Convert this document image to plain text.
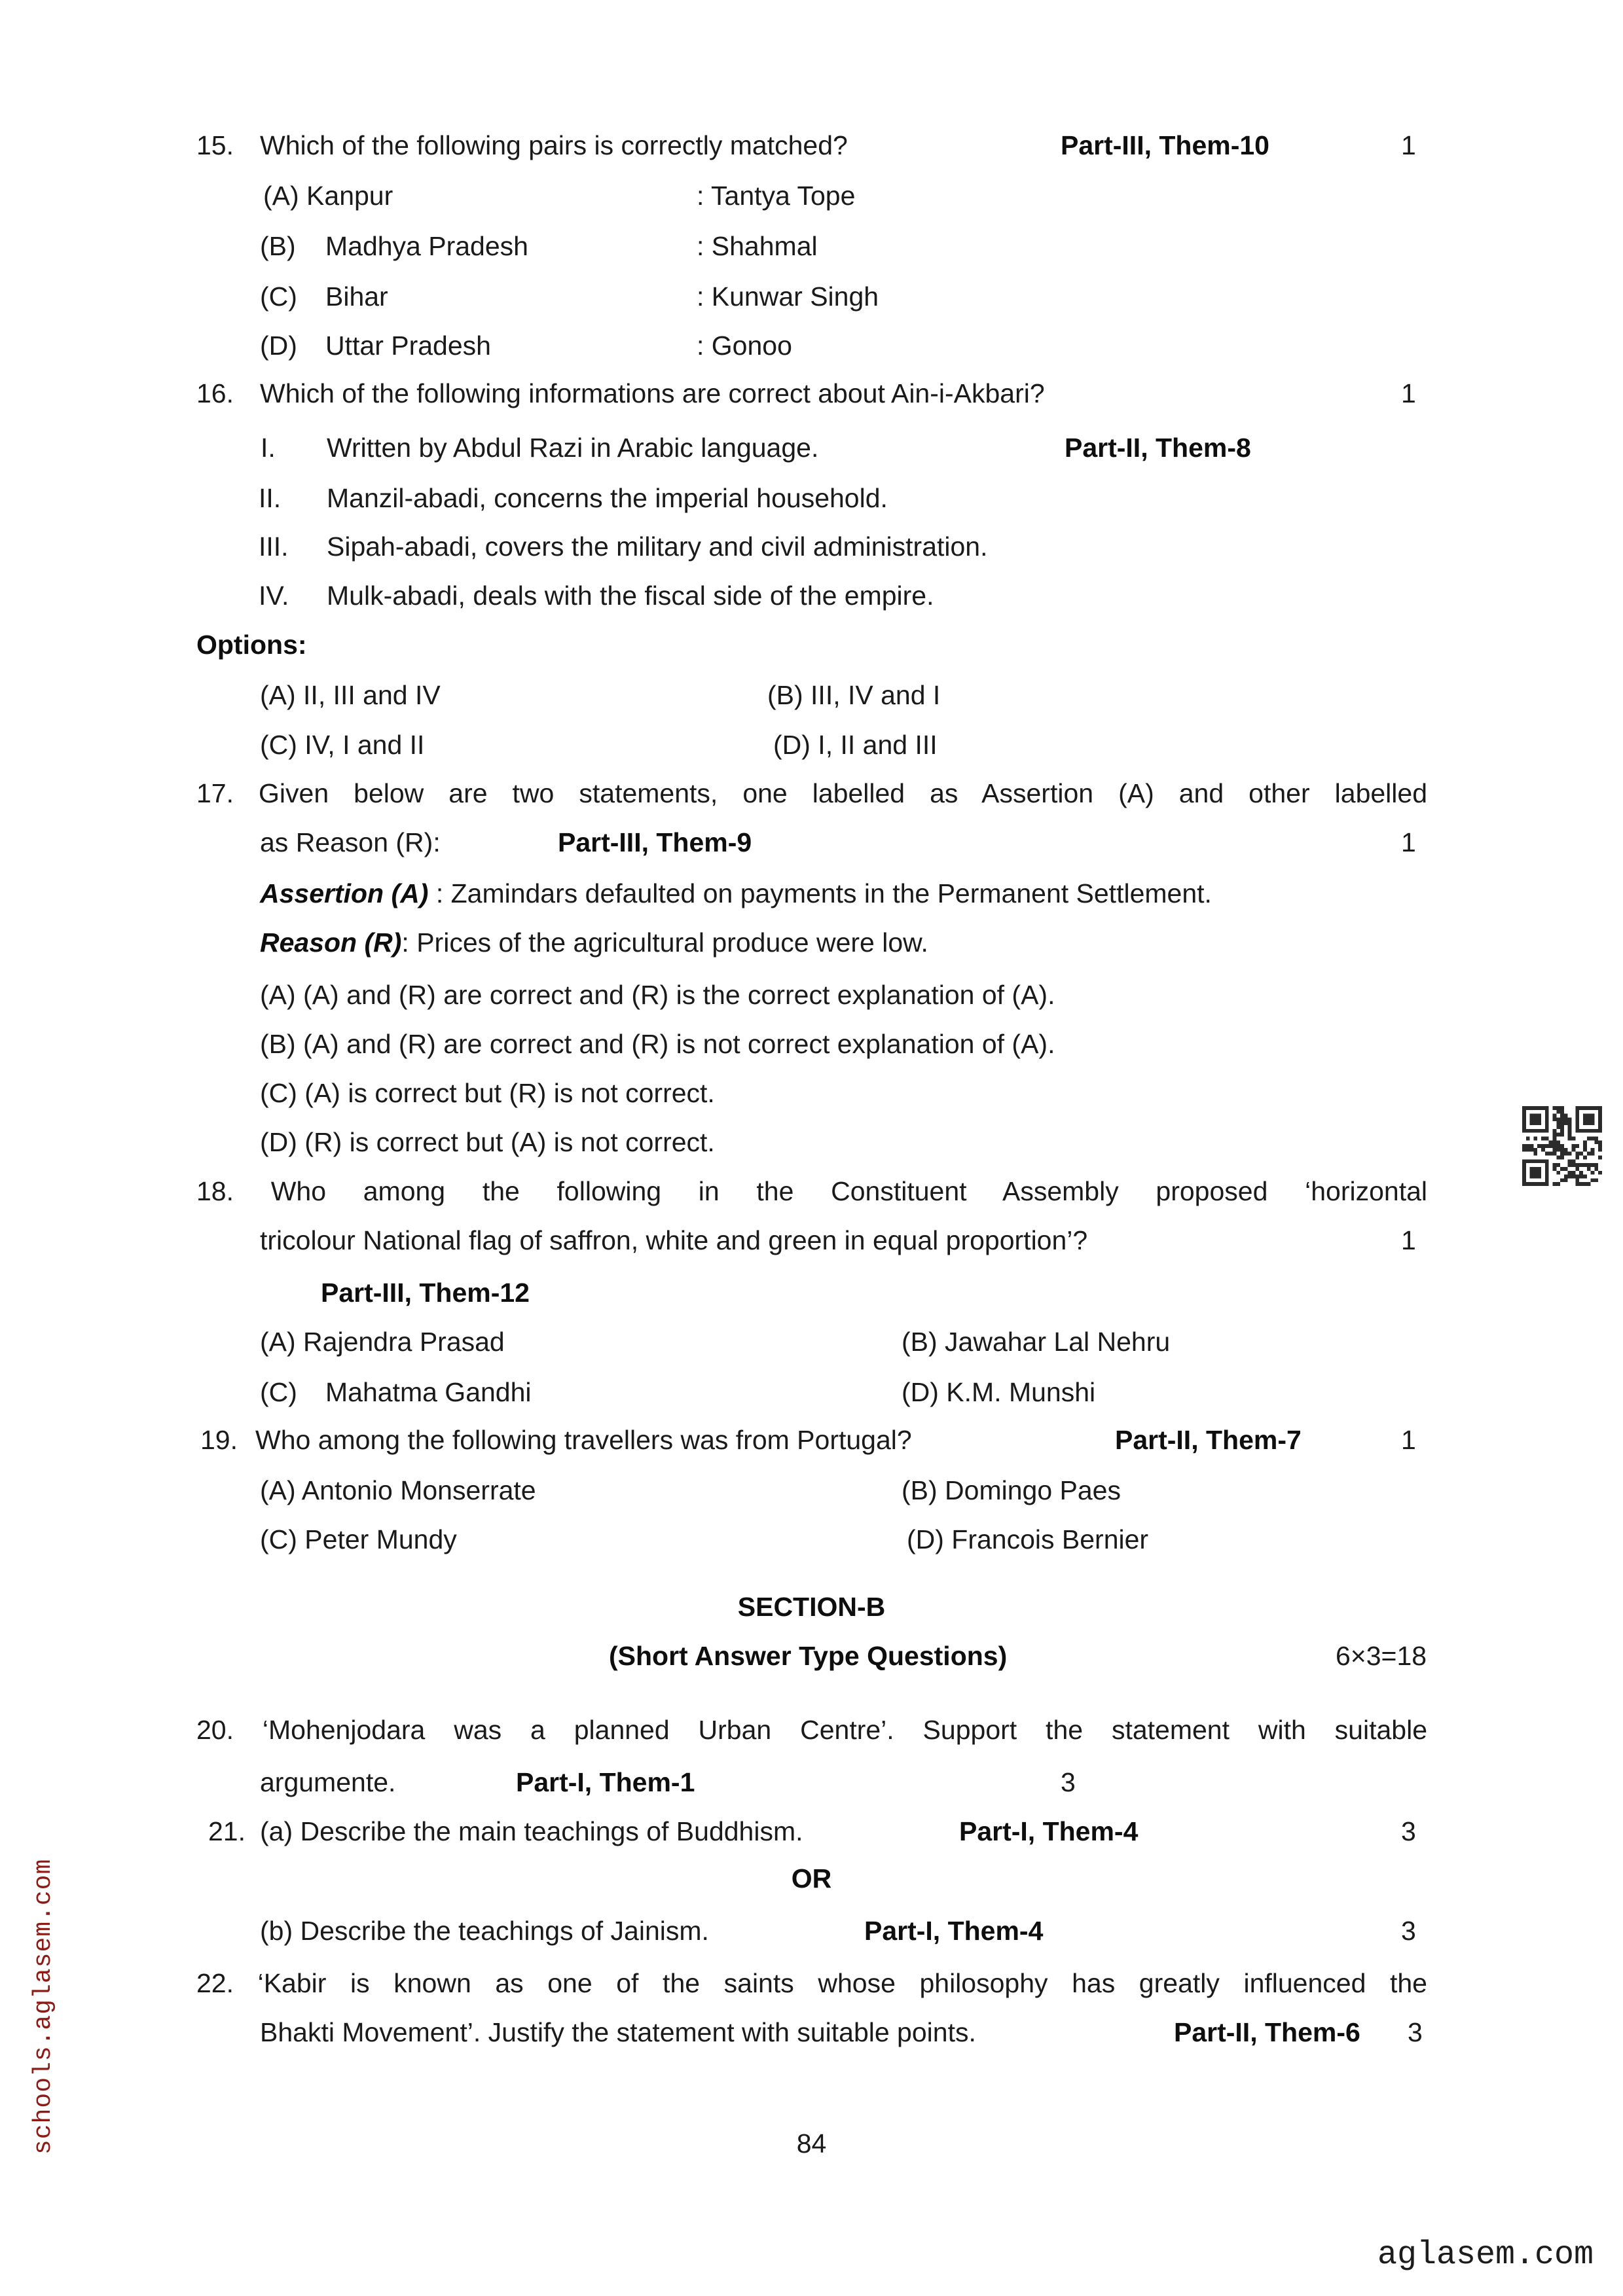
15. Which of the following pairs is correctly matched?	Part-III, Them-10	1
(A) Kanpur	: Tantya Tope
(B) Madhya Pradesh	: Shahmal
(C) Bihar	: Kunwar Singh
(D) Uttar Pradesh	: Gonoo
16. Which of the following informations are correct about Ain-i-Akbari?	1
I. Written by Abdul Razi in Arabic language.	Part-II, Them-8
II. Manzil-abadi, concerns the imperial household.
III. Sipah-abadi, covers the military and civil administration.
IV. Mulk-abadi, deals with the fiscal side of the empire.
Options:
(A) II, III and IV	(B) III, IV and I
(C) IV, I and II	(D) I, II and III
17. Given below are two statements, one labelled as Assertion (A) and other labelled
as Reason (R):	Part-III, Them-9	1
Assertion (A) : Zamindars defaulted on payments in the Permanent Settlement.
Reason (R): Prices of the agricultural produce were low.
(A) (A) and (R) are correct and (R) is the correct explanation of (A).
(B) (A) and (R) are correct and (R) is not correct explanation of (A).
(C) (A) is correct but (R) is not correct.
(D) (R) is correct but (A) is not correct.
18. Who among the following in the Constituent Assembly proposed ‘horizontal
tricolour National flag of saffron, white and green in equal proportion’?	1
Part-III, Them-12
(A) Rajendra Prasad	(B) Jawahar Lal Nehru
(C) Mahatma Gandhi	(D) K.M. Munshi
19. Who among the following travellers was from Portugal?	Part-II, Them-7	1
(A) Antonio Monserrate	(B) Domingo Paes
(C) Peter Mundy	(D) Francois Bernier
SECTION-B
(Short Answer Type Questions)	6×3=18
20. ‘Mohenjodara was a planned Urban Centre’. Support the statement with suitable
argumente.	Part-I, Them-1	3
21. (a) Describe the main teachings of Buddhism.	Part-I, Them-4	3
OR
(b) Describe the teachings of Jainism.	Part-I, Them-4	3
22. ‘Kabir is known as one of the saints whose philosophy has greatly influenced the
Bhakti Movement’. Justify the statement with suitable points.	Part-II, Them-6 3
84
schools.aglasem.com
aglasem.com
